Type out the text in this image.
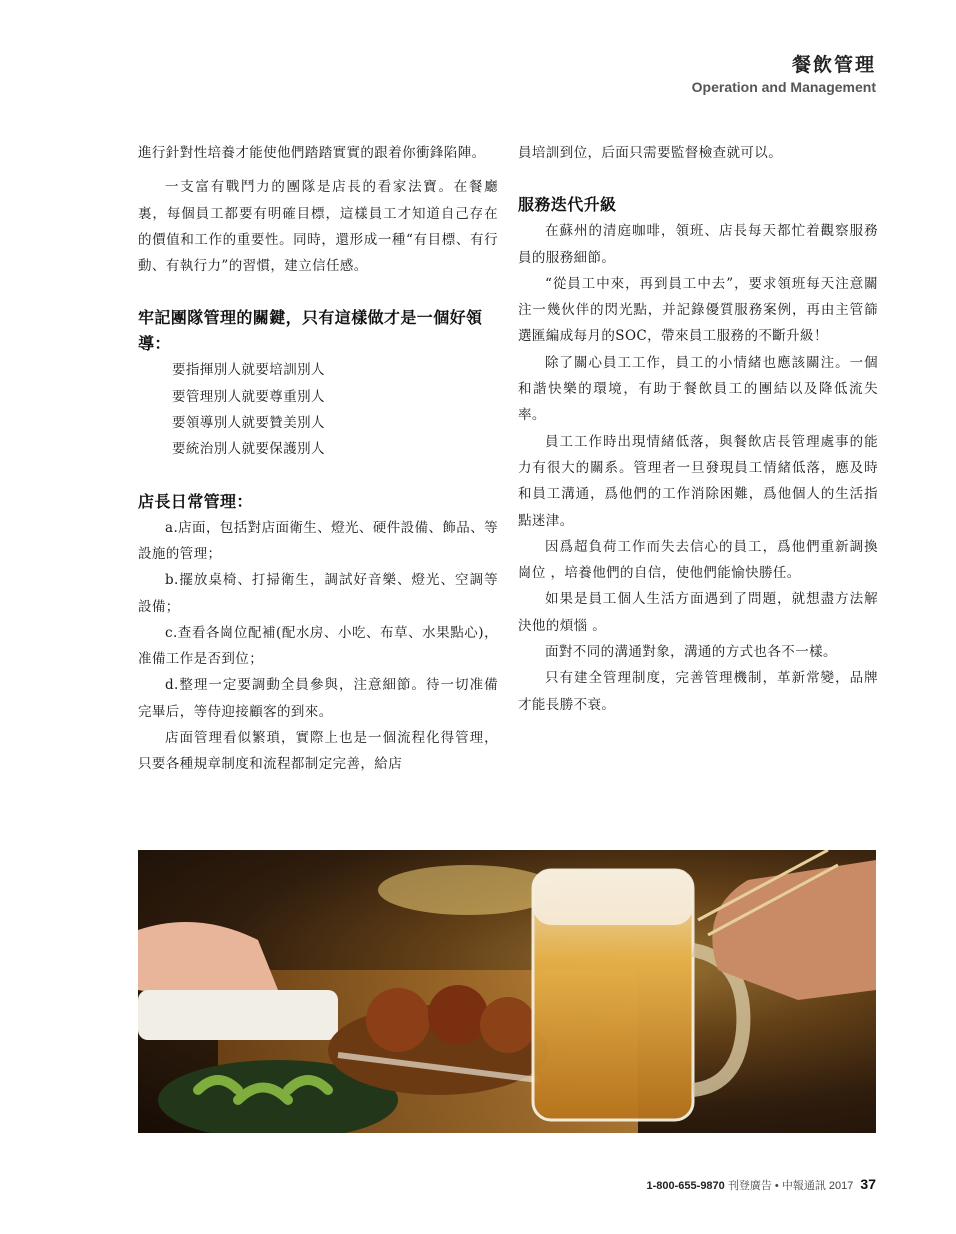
餐飲管理
Operation and Management

進行針對性培養才能使他們踏踏實實的跟着你衝鋒陷陣。

一支富有戰鬥力的團隊是店長的看家法寶。在餐廳裏，每個員工都要有明確目標，這樣員工才知道自己存在的價值和工作的重要性。同時，還形成一種“有目標、有行動、有執行力”的習慣，建立信任感。

牢記團隊管理的關鍵，只有這樣做才是一個好領導：
要指揮別人就要培訓別人
要管理別人就要尊重別人
要領導別人就要贊美別人
要統治別人就要保護別人
店長日常管理：

a.店面，包括對店面衛生、燈光、硬件設備、飾品、等設施的管理；

b.擺放桌椅、打掃衛生，調試好音樂、燈光、空調等設備；

c.查看各崗位配補(配水房、小吃、布草、水果點心)，准備工作是否到位；

d.整理一定要調動全員參與，注意細節。待一切准備完畢后，等侍迎接顧客的到來。

店面管理看似繁瑣，實際上也是一個流程化得管理，只要各種規章制度和流程都制定完善，給店

員培訓到位，后面只需要監督檢查就可以。

服務迭代升級

在蘇州的清庭咖啡，領班、店長每天都忙着觀察服務員的服務細節。

“從員工中來，再到員工中去”，要求領班每天注意關注一幾伙伴的閃光點，并記錄優質服務案例，再由主管篩選匯編成每月的SOC，帶來員工服務的不斷升級！

除了關心員工工作，員工的小情緒也應該關注。一個和諧快樂的環境，有助于餐飲員工的團結以及降低流失率。

員工工作時出現情緒低落，與餐飲店長管理處事的能力有很大的關系。管理者一旦發現員工情緒低落，應及時和員工溝通，爲他們的工作消除困難，爲他個人的生活指點迷津。

因爲超負荷工作而失去信心的員工，爲他們重新調換崗位 ，培養他們的自信，使他們能愉快勝任。

如果是員工個人生活方面遇到了問題，就想盡方法解決他的煩惱 。

面對不同的溝通對象，溝通的方式也各不一樣。

只有建全管理制度，完善管理機制，革新常變，品牌才能長勝不衰。

1-800-655-9870 刊登廣告 • 中報通訊 2017 37
